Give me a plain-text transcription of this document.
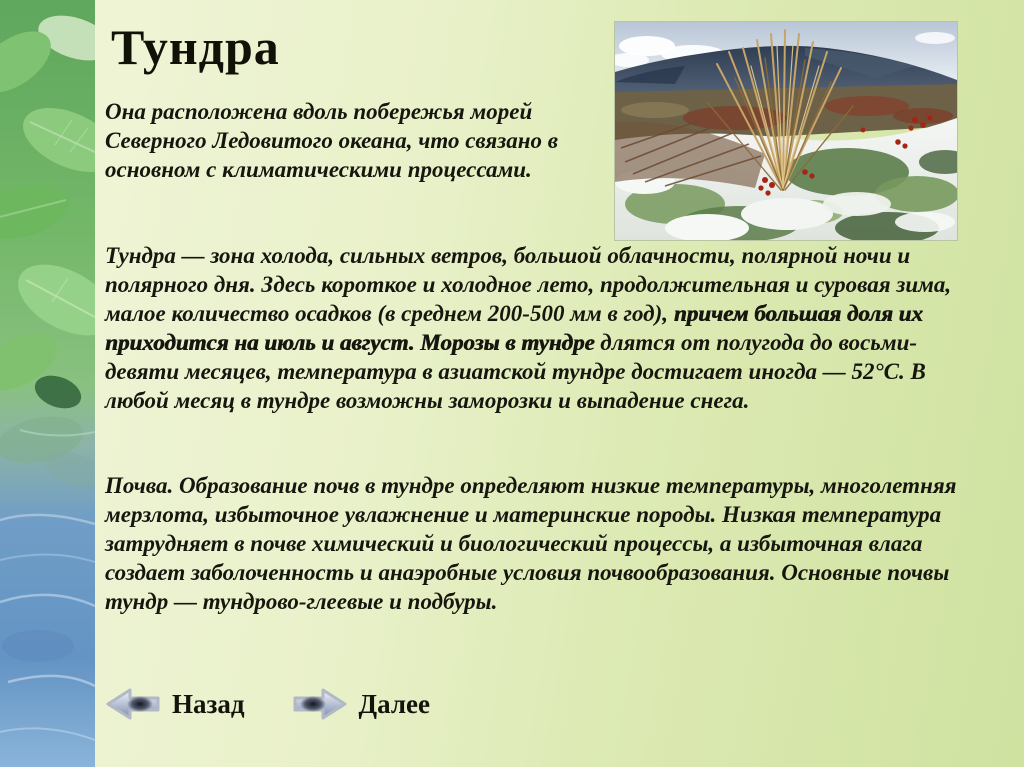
Тундра

Она расположена вдоль побережья морей Северного Ледовитого океана, что связано в основном с климатическими процессами.

Тундра — зона холода, сильных ветров, большой облачности, полярной ночи и полярного дня. Здесь короткое и холодное лето, продолжительная и суровая зима, малое количество осадков (в среднем 200-500 мм в год), причем большая доля их приходится на июль и август. Морозы в тундре длятся от полугода до восьми-девяти месяцев, температура в азиатской тундре достигает иногда — 52°С. В любой месяц в тундре возможны заморозки и выпадение снега.

Почва. Образование почв в тундре определяют низкие температуры, многолетняя мерзлота, избыточное увлажнение и материнские породы. Низкая температура затрудняет в почве химический и биологический процессы, а избыточная влага создает заболоченность и анаэробные условия почвообразования. Основные почвы тундр — тундрово-глеевые и подбуры.

Назад	Далее
